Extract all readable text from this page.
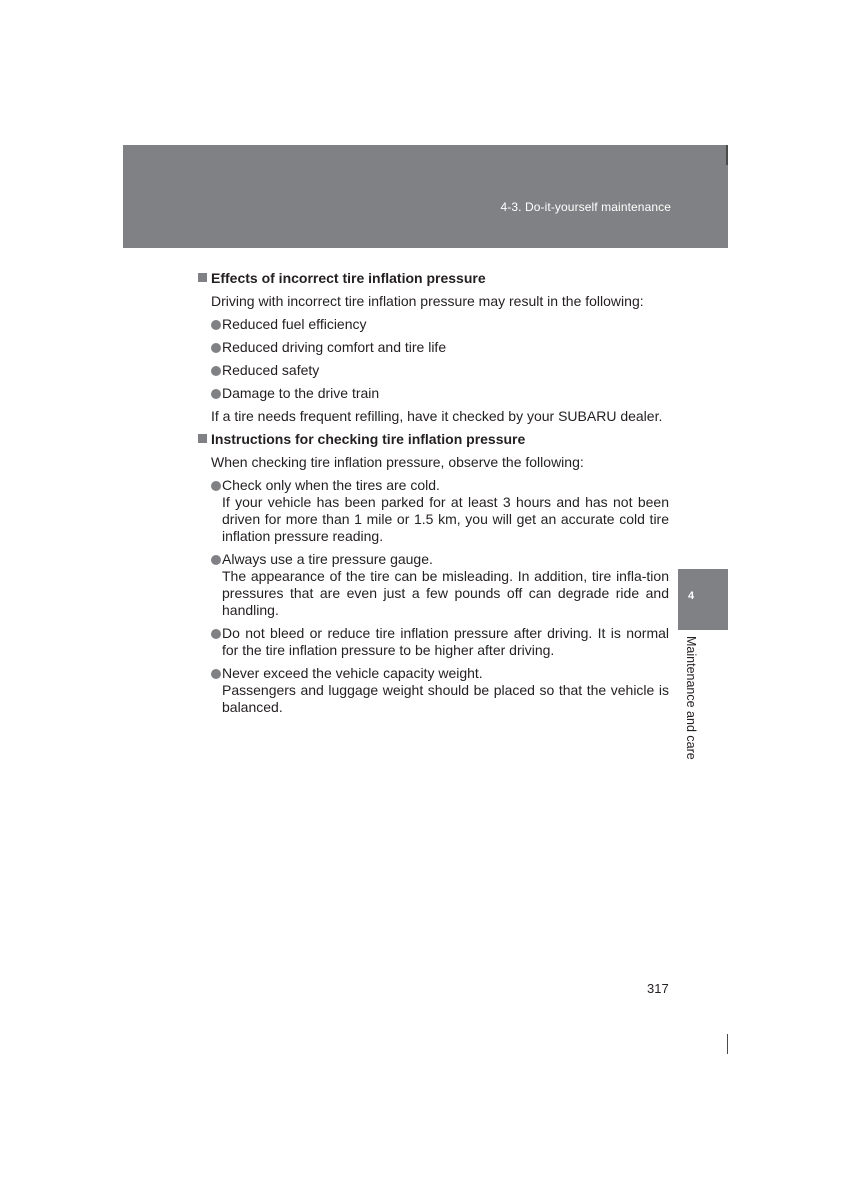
4-3. Do-it-yourself maintenance
Effects of incorrect tire inflation pressure

Driving with incorrect tire inflation pressure may result in the following:

Reduced fuel efficiency
Reduced driving comfort and tire life
Reduced safety
Damage to the drive train

If a tire needs frequent refilling, have it checked by your SUBARU dealer.

Instructions for checking tire inflation pressure

When checking tire inflation pressure, observe the following:

Check only when the tires are cold.
If your vehicle has been parked for at least 3 hours and has not been driven for more than 1 mile or 1.5 km, you will get an accurate cold tire inflation pressure reading.
Always use a tire pressure gauge.
The appearance of the tire can be misleading. In addition, tire infla-tion pressures that are even just a few pounds off can degrade ride and handling.
Do not bleed or reduce tire inflation pressure after driving. It is normal for the tire inflation pressure to be higher after driving.
Never exceed the vehicle capacity weight.
Passengers and luggage weight should be placed so that the vehicle is balanced.
4
Maintenance and care
317
